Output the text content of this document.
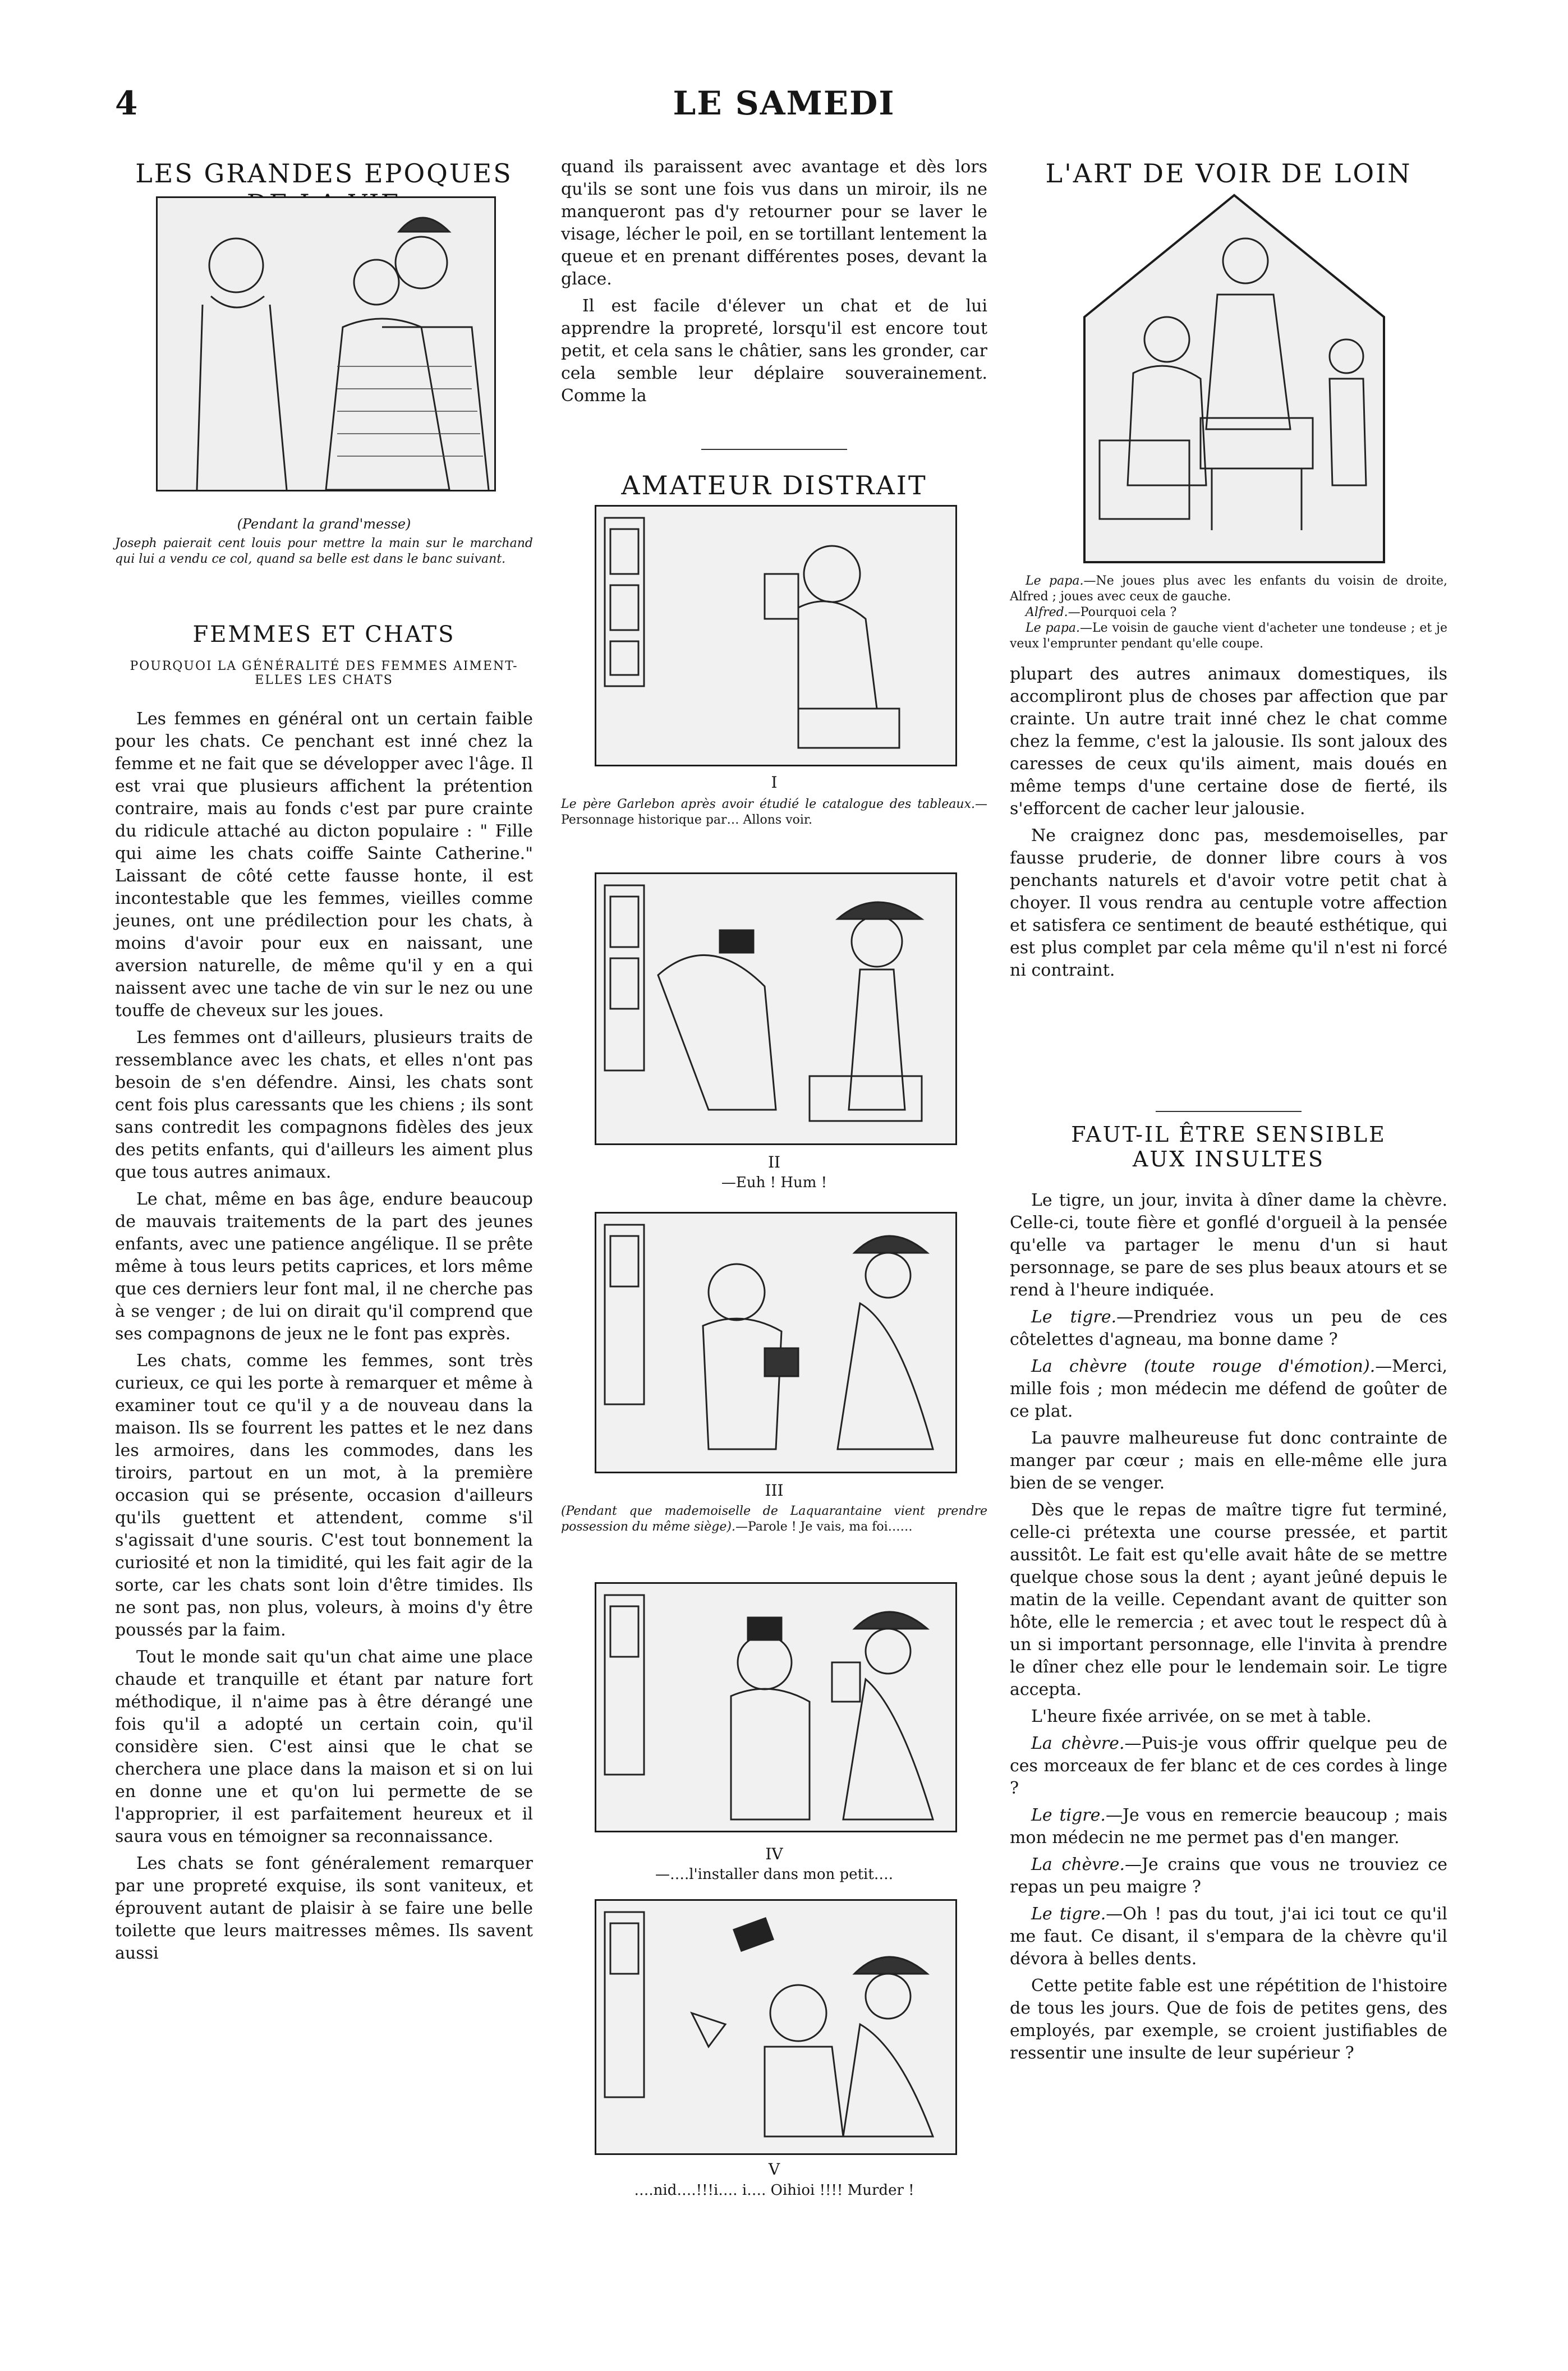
4	LE SAMEDI
LES GRANDES EPOQUES
(Pendant la grand'messe)
Joseph paierait cent louis pour mettre la main sur le marchand qui lui a vendu ce col, quand sa belle est dans le banc suivant.
FEMMES ET CHATS
POURQUOI LA GÉNÉRALITÉ DES FEMMES AIMENT-ELLES LES CHATS

Les femmes en général ont un certain faible pour les chats. Ce penchant est inné chez la femme et ne fait que se développer avec l'âge. Il est vrai que plusieurs affichent la prétention contraire, mais au fonds c'est par pure crainte du ridicule attaché au dicton populaire : " Fille qui aime les chats coiffe Sainte Catherine." Laissant de côté cette fausse honte, il est incontestable que les femmes, vieilles comme jeunes, ont une prédilection pour les chats, à moins d'avoir pour eux en naissant, une aversion naturelle, de même qu'il y en a qui naissent avec une tache de vin sur le nez ou une touffe de cheveux sur les joues.

Les femmes ont d'ailleurs, plusieurs traits de ressemblance avec les chats, et elles n'ont pas besoin de s'en défendre. Ainsi, les chats sont cent fois plus caressants que les chiens ; ils sont sans contredit les compagnons fidèles des jeux des petits enfants, qui d'ailleurs les aiment plus que tous autres animaux.

Le chat, même en bas âge, endure beaucoup de mauvais traitements de la part des jeunes enfants, avec une patience angélique. Il se prête même à tous leurs petits caprices, et lors même que ces derniers leur font mal, il ne cherche pas à se venger ; de lui on dirait qu'il comprend que ses compagnons de jeux ne le font pas exprès.

Les chats, comme les femmes, sont très curieux, ce qui les porte à remarquer et même à examiner tout ce qu'il y a de nouveau dans la maison. Ils se fourrent les pattes et le nez dans les armoires, dans les commodes, dans les tiroirs, partout en un mot, à la première occasion qui se présente, occasion d'ailleurs qu'ils guettent et attendent, comme s'il s'agissait d'une souris. C'est tout bonnement la curiosité et non la timidité, qui les fait agir de la sorte, car les chats sont loin d'être timides. Ils ne sont pas, non plus, voleurs, à moins d'y être poussés par la faim.

Tout le monde sait qu'un chat aime une place chaude et tranquille et étant par nature fort méthodique, il n'aime pas à être dérangé une fois qu'il a adopté un certain coin, qu'il considère sien. C'est ainsi que le chat se cherchera une place dans la maison et si on lui en donne une et qu'on lui permette de se l'approprier, il est parfaitement heureux et il saura vous en témoigner sa reconnaissance.

Les chats se font généralement remarquer par une propreté exquise, ils sont vaniteux, et éprouvent autant de plaisir à se faire une belle toilette que leurs maitresses mêmes. Ils savent aussi

quand ils paraissent avec avantage et dès lors qu'ils se sont une fois vus dans un miroir, ils ne manqueront pas d'y retourner pour se laver le visage, lécher le poil, en se tortillant lentement la queue et en prenant différentes poses, devant la glace.

Il est facile d'élever un chat et de lui apprendre la propreté, lorsqu'il est encore tout petit, et cela sans le châtier, sans les gronder, car cela semble leur déplaire souverainement. Comme la

AMATEUR DISTRAIT
I
Le père Garlebon après avoir étudié le catalogue des tableaux.—Personnage historique par… Allons voir.
II
—Euh ! Hum !
III
(Pendant que mademoiselle de Laquarantaine vient prendre possession du même siège).—Parole ! Je vais, ma foi……
IV
—….l'installer dans mon petit….
V
….nid….!!!i…. i…. Oihioi !!!! Murder !
L'ART DE VOIR DE LOIN
Le papa.—Ne joues plus avec les enfants du voisin de droite, Alfred ; joues avec ceux de gauche.
Alfred.—Pourquoi cela ?
Le papa.—Le voisin de gauche vient d'acheter une tondeuse ; et je veux l'emprunter pendant qu'elle coupe.

plupart des autres animaux domestiques, ils accompliront plus de choses par affection que par crainte. Un autre trait inné chez le chat comme chez la femme, c'est la jalousie. Ils sont jaloux des caresses de ceux qu'ils aiment, mais doués en même temps d'une certaine dose de fierté, ils s'efforcent de cacher leur jalousie.

Ne craignez donc pas, mesdemoiselles, par fausse pruderie, de donner libre cours à vos penchants naturels et d'avoir votre petit chat à choyer. Il vous rendra au centuple votre affection et satisfera ce sentiment de beauté esthétique, qui est plus complet par cela même qu'il n'est ni forcé ni contraint.

FAUT-IL ÊTRE SENSIBLE AUX INSULTES

Le tigre, un jour, invita à dîner dame la chèvre. Celle-ci, toute fière et gonflé d'orgueil à la pensée qu'elle va partager le menu d'un si haut personnage, se pare de ses plus beaux atours et se rend à l'heure indiquée.

Le tigre.—Prendriez vous un peu de ces côtelettes d'agneau, ma bonne dame ?

La chèvre (toute rouge d'émotion).—Merci, mille fois ; mon médecin me défend de goûter de ce plat.

La pauvre malheureuse fut donc contrainte de manger par cœur ; mais en elle-même elle jura bien de se venger.

Dès que le repas de maître tigre fut terminé, celle-ci prétexta une course pressée, et partit aussitôt. Le fait est qu'elle avait hâte de se mettre quelque chose sous la dent ; ayant jeûné depuis le matin de la veille. Cependant avant de quitter son hôte, elle le remercia ; et avec tout le respect dû à un si important personnage, elle l'invita à prendre le dîner chez elle pour le lendemain soir. Le tigre accepta.

L'heure fixée arrivée, on se met à table.

La chèvre.—Puis-je vous offrir quelque peu de ces morceaux de fer blanc et de ces cordes à linge ?

Le tigre.—Je vous en remercie beaucoup ; mais mon médecin ne me permet pas d'en manger.

La chèvre.—Je crains que vous ne trouviez ce repas un peu maigre ?

Le tigre.—Oh ! pas du tout, j'ai ici tout ce qu'il me faut. Ce disant, il s'empara de la chèvre qu'il dévora à belles dents.

Cette petite fable est une répétition de l'histoire de tous les jours. Que de fois de petites gens, des employés, par exemple, se croient justifiables de ressentir une insulte de leur supérieur ?
